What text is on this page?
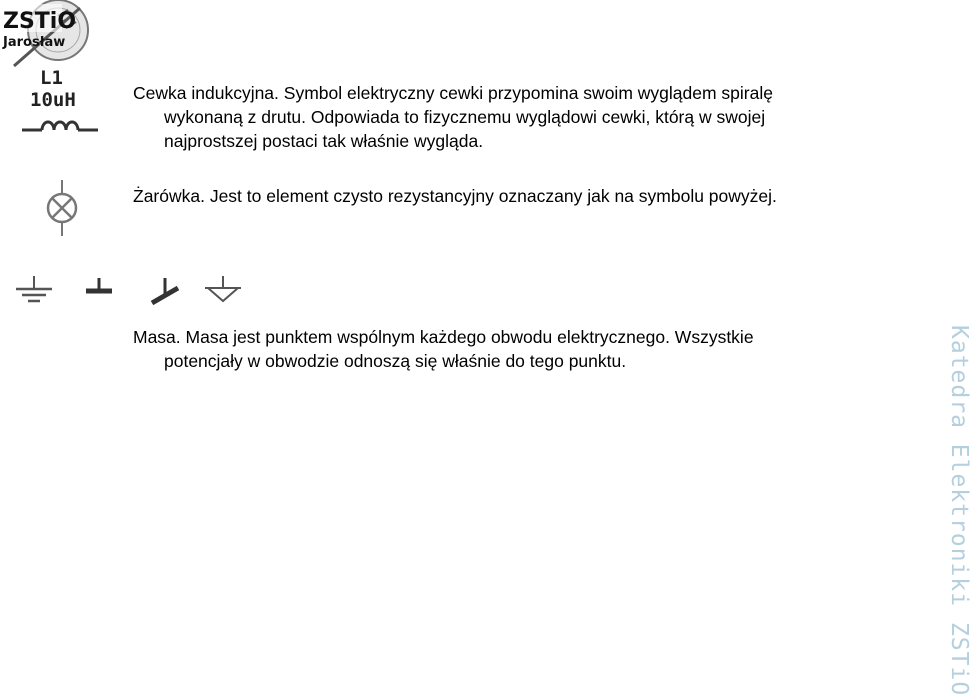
ZSTiO
Jarosław
L1
10uH	Cewka indukcyjna. Symbol elektryczny cewki przypomina swoim wyglądem spiralę
wykonaną z drutu. Odpowiada to fizycznemu wyglądowi cewki, którą w swojej
najprostszej postaci tak właśnie wygląda.
Żarówka. Jest to element czysto rezystancyjny oznaczany jak na symbolu powyżej.
Masa. Masa jest punktem wspólnym każdego obwodu elektrycznego. Wszystkie
potencjały w obwodzie odnoszą się właśnie do tego punktu.	Katedra Elektroniki ZSTiO
